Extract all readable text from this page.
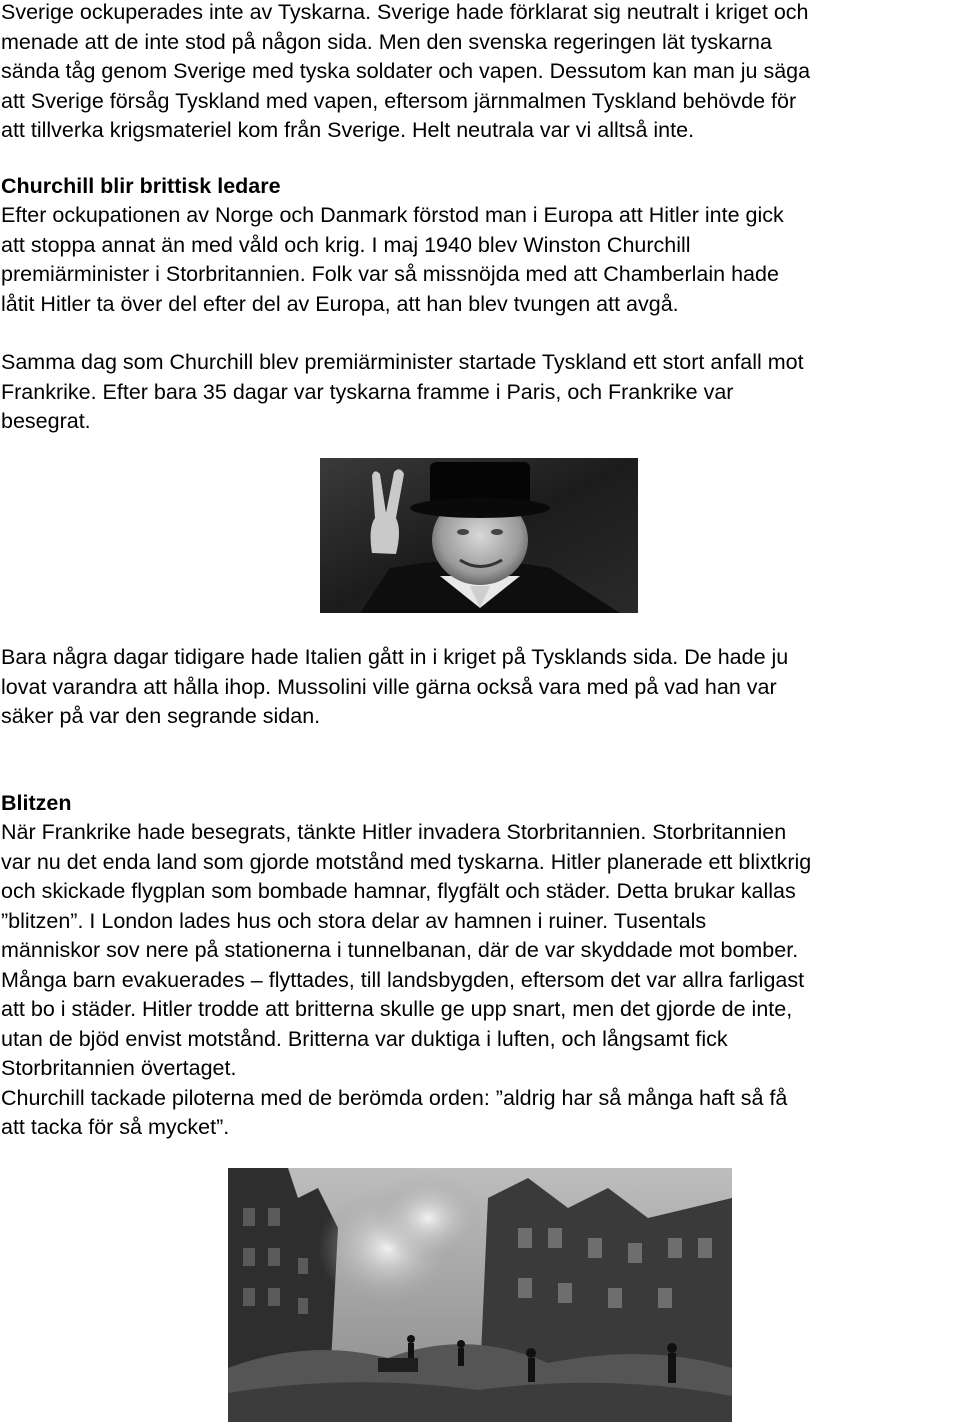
Sverige ockuperades inte av Tyskarna. Sverige hade förklarat sig neutralt i kriget och
menade att de inte stod på någon sida. Men den svenska regeringen lät tyskarna
sända tåg genom Sverige med tyska soldater och vapen. Dessutom kan man ju säga
att Sverige försåg Tyskland med vapen, eftersom järnmalmen Tyskland behövde för
att tillverka krigsmateriel kom från Sverige. Helt neutrala var vi alltså inte.

Churchill blir brittisk ledare

Efter ockupationen av Norge och Danmark förstod man i Europa att Hitler inte gick
att stoppa annat än med våld och krig. I maj 1940 blev Winston Churchill
premiärminister i Storbritannien. Folk var så missnöjda med att Chamberlain hade
låtit Hitler ta över del efter del av Europa, att han blev tvungen att avgå.

Samma dag som Churchill blev premiärminister startade Tyskland ett stort anfall mot
Frankrike. Efter bara 35 dagar var tyskarna framme i Paris, och Frankrike var
besegrat.

Bara några dagar tidigare hade Italien gått in i kriget på Tysklands sida. De hade ju
lovat varandra att hålla ihop. Mussolini ville gärna också vara med på vad han var
säker på var den segrande sidan.

Blitzen

När Frankrike hade besegrats, tänkte Hitler invadera Storbritannien. Storbritannien
var nu det enda land som gjorde motstånd med tyskarna. Hitler planerade ett blixtkrig
och skickade flygplan som bombade hamnar, flygfält och städer. Detta brukar kallas
”blitzen”. I London lades hus och stora delar av hamnen i ruiner. Tusentals
människor sov nere på stationerna i tunnelbanan, där de var skyddade mot bomber.
Många barn evakuerades – flyttades, till landsbygden, eftersom det var allra farligast
att bo i städer. Hitler trodde att britterna skulle ge upp snart, men det gjorde de inte,
utan de bjöd envist motstånd. Britterna var duktiga i luften, och långsamt fick
Storbritannien övertaget.
Churchill tackade piloterna med de berömda orden: ”aldrig har så många haft så få
att tacka för så mycket”.
